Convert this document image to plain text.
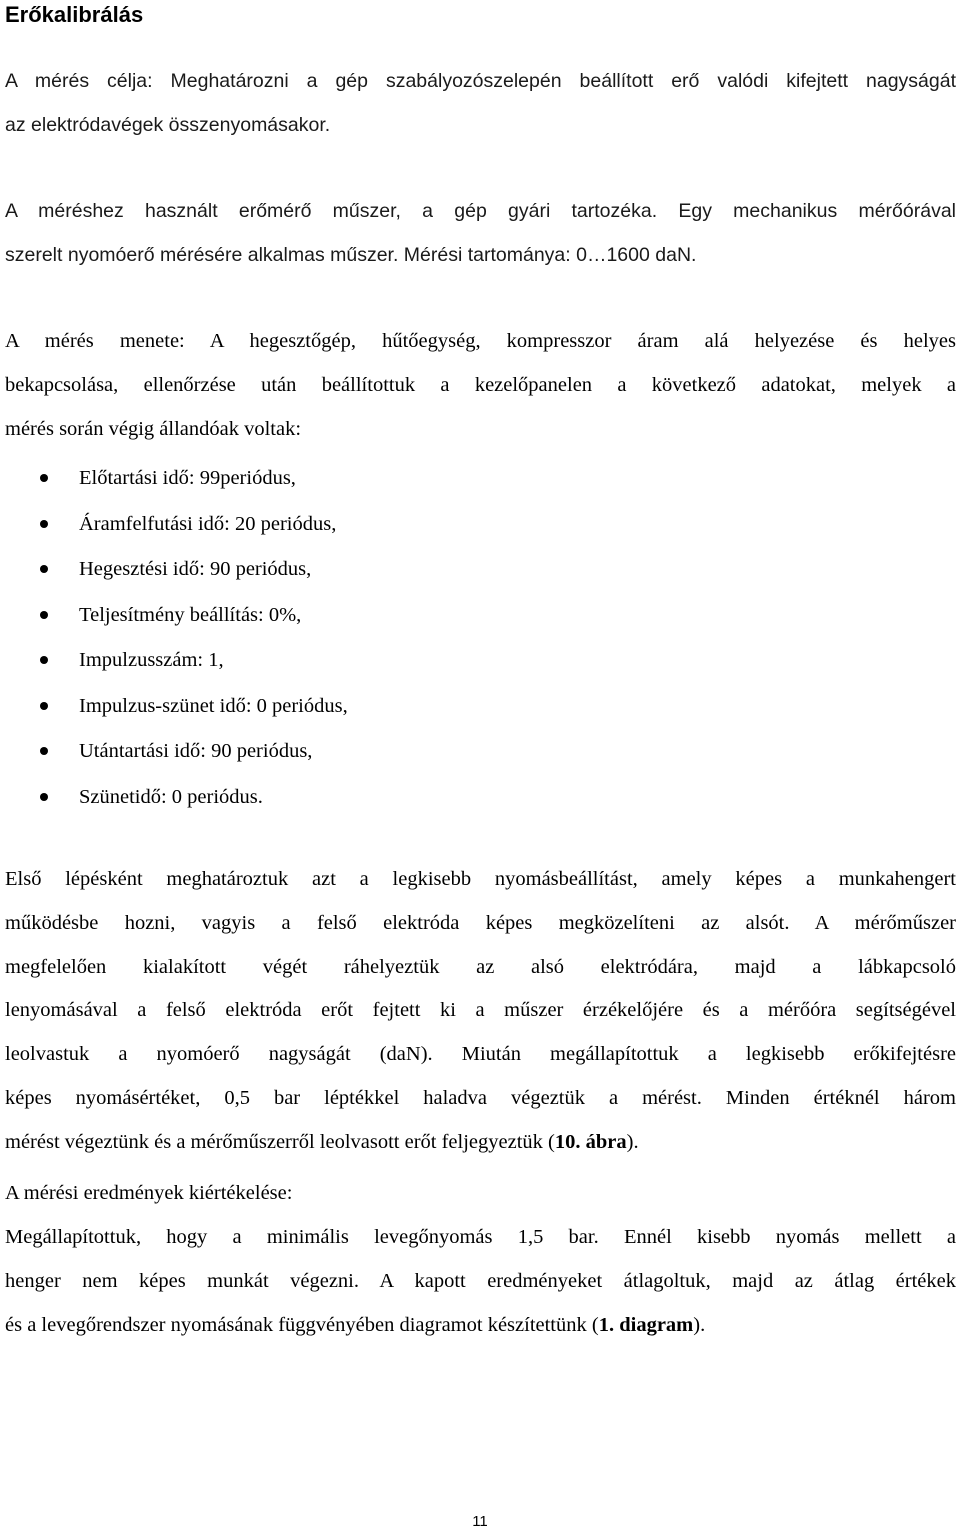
Erőkalibrálás

A mérés célja: Meghatározni a gép szabályozószelepén beállított erő valódi kifejtett nagyságát
az elektródavégek összenyomásakor.

A méréshez használt erőmérő műszer, a gép gyári tartozéka. Egy mechanikus mérőórával
szerelt nyomóerő mérésére alkalmas műszer. Mérési tartománya: 0…1600 daN.

A mérés menete: A hegesztőgép, hűtőegység, kompresszor áram alá helyezése és helyes
bekapcsolása, ellenőrzése után beállítottuk a kezelőpanelen a következő adatokat, melyek a
mérés során végig állandóak voltak:

Előtartási idő: 99periódus,
Áramfelfutási idő: 20 periódus,
Hegesztési idő: 90 periódus,
Teljesítmény beállítás: 0%,
Impulzusszám: 1,
Impulzus-szünet idő: 0 periódus,
Utántartási idő: 90 periódus,
Szünetidő: 0 periódus.

Első lépésként meghatároztuk azt a legkisebb nyomásbeállítást, amely képes a munkahengert
működésbe hozni, vagyis a felső elektróda képes megközelíteni az alsót. A mérőműszer
megfelelően kialakított végét ráhelyeztük az alsó elektródára, majd a lábkapcsoló
lenyomásával a felső elektróda erőt fejtett ki a műszer érzékelőjére és a mérőóra segítségével
leolvastuk a nyomóerő nagyságát (daN). Miután megállapítottuk a legkisebb erőkifejtésre
képes nyomásértéket, 0,5 bar léptékkel haladva végeztük a mérést. Minden értéknél három
mérést végeztünk és a mérőműszerről leolvasott erőt feljegyeztük (10. ábra).

A mérési eredmények kiértékelése:

Megállapítottuk, hogy a minimális levegőnyomás 1,5 bar. Ennél kisebb nyomás mellett a
henger nem képes munkát végezni. A kapott eredményeket átlagoltuk, majd az átlag értékek
és a levegőrendszer nyomásának függvényében diagramot készítettünk (1. diagram).

11
